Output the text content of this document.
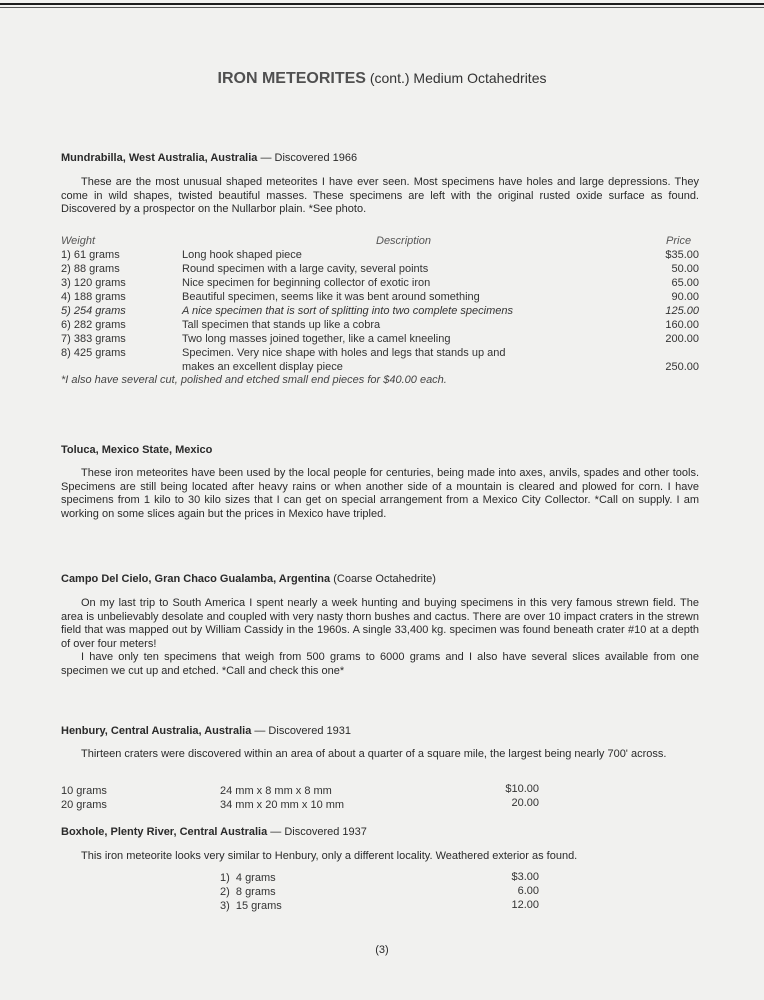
IRON METEORITES (cont.) Medium Octahedrites
Mundrabilla, West Australia, Australia — Discovered 1966
These are the most unusual shaped meteorites I have ever seen. Most specimens have holes and large depressions. They come in wild shapes, twisted beautiful masses. These specimens are left with the original rusted oxide surface as found. Discovered by a prospector on the Nullarbor plain. *See photo.
Weight	Description	Price
1) 61 grams	Long hook shaped piece	$35.00
2) 88 grams	Round specimen with a large cavity, several points	50.00
3) 120 grams	Nice specimen for beginning collector of exotic iron	65.00
4) 188 grams	Beautiful specimen, seems like it was bent around something	90.00
5) 254 grams	A nice specimen that is sort of splitting into two complete specimens	125.00
6) 282 grams	Tall specimen that stands up like a cobra	160.00
7) 383 grams	Two long masses joined together, like a camel kneeling	200.00
8) 425 grams	Specimen. Very nice shape with holes and legs that stands up and	
	makes an excellent display piece	250.00
*I also have several cut, polished and etched small end pieces for $40.00 each.
Toluca, Mexico State, Mexico
These iron meteorites have been used by the local people for centuries, being made into axes, anvils, spades and other tools. Specimens are still being located after heavy rains or when another side of a mountain is cleared and plowed for corn. I have specimens from 1 kilo to 30 kilo sizes that I can get on special arrangement from a Mexico City Collector. *Call on supply. I am working on some slices again but the prices in Mexico have tripled.
Campo Del Cielo, Gran Chaco Gualamba, Argentina (Coarse Octahedrite)
On my last trip to South America I spent nearly a week hunting and buying specimens in this very famous strewn field. The area is unbelievably desolate and coupled with very nasty thorn bushes and cactus. There are over 10 impact craters in the strewn field that was mapped out by William Cassidy in the 1960s. A single 33,400 kg. specimen was found beneath crater #10 at a depth of over four meters!
I have only ten specimens that weigh from 500 grams to 6000 grams and I also have several slices available from one specimen we cut up and etched. *Call and check this one*
Henbury, Central Australia, Australia — Discovered 1931
Thirteen craters were discovered within an area of about a quarter of a square mile, the largest being nearly 700' across.
10 grams	24 mm x 8 mm x 8 mm	$10.00
20 grams	34 mm x 20 mm x 10 mm	20.00
Boxhole, Plenty River, Central Australia — Discovered 1937
This iron meteorite looks very similar to Henbury, only a different locality. Weathered exterior as found.
1)  4 grams	$3.00
2)  8 grams	6.00
3)  15 grams	12.00
(3)
